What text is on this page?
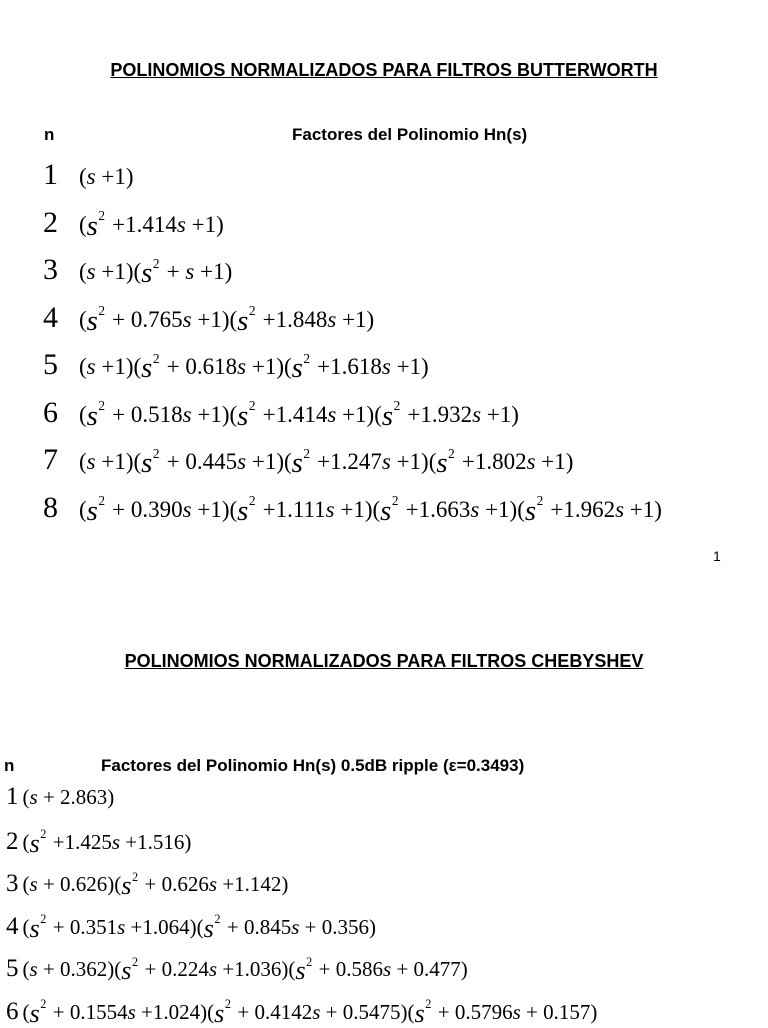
POLINOMIOS NORMALIZADOS PARA FILTROS BUTTERWORTH
n	Factores del Polinomio Hn(s)
1 (s +1)
2 $(s^2 +1.414s +1)$
3 $(s +1)(s^2 + s +1)$
4 $(s^2 + 0.765s +1)(s^2 +1.848s +1)$
5 $(s +1)(s^2 + 0.618s +1)(s^2 +1.618s +1)$
6 $(s^2 + 0.518s +1)(s^2 +1.414s +1)(s^2 +1.932s +1)$
7 $(s +1)(s^2 + 0.445s +1)(s^2 +1.247s +1)(s^2 +1.802s +1)$
8 $(s^2 + 0.390s +1)(s^2 +1.111s +1)(s^2 +1.663s +1)(s^2 +1.962s +1)$
1
POLINOMIOS NORMALIZADOS PARA FILTROS CHEBYSHEV
n	Factores del Polinomio Hn(s) 0.5dB ripple (ε=0.3493)
1 (s + 2.863)
2 $(s^2 +1.425s +1.516)$
3 $(s + 0.626)(s^2 + 0.626s +1.142)$
4 $(s^2 + 0.351s +1.064)(s^2 + 0.845s + 0.356)$
5 $(s + 0.362)(s^2 + 0.224s +1.036)(s^2 + 0.586s + 0.477)$
6 $(s^2 + 0.1554s +1.024)(s^2 + 0.4142s + 0.5475)(s^2 + 0.5796s + 0.157)$
